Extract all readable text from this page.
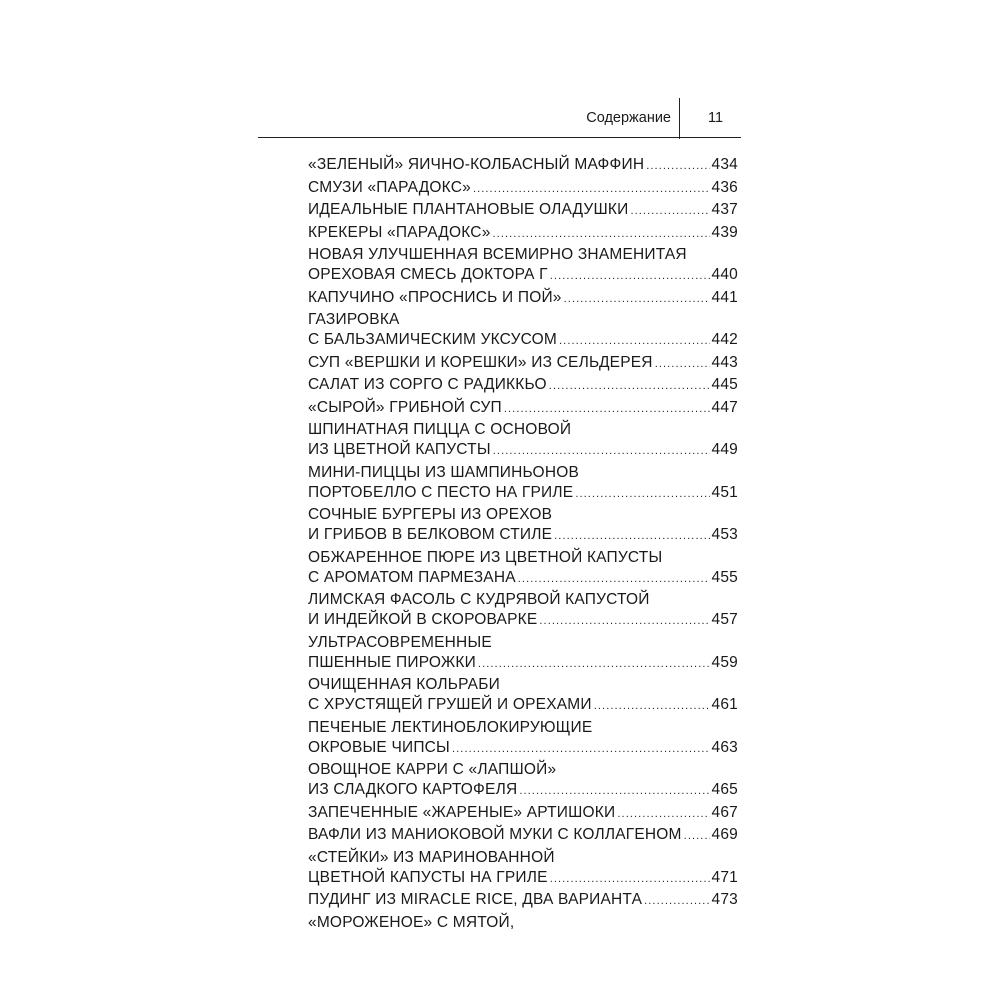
Содержание	11
«ЗЕЛЕНЫЙ» ЯИЧНО-КОЛБАСНЫЙ МАФФИН .....	434
СМУЗИ «ПАРАДОКС» .....	436
ИДЕАЛЬНЫЕ ПЛАНТАНОВЫЕ ОЛАДУШКИ .....	437
КРЕКЕРЫ «ПАРАДОКС» .....	439
НОВАЯ УЛУЧШЕННАЯ ВСЕМИРНО ЗНАМЕНИТАЯ
ОРЕХОВАЯ СМЕСЬ ДОКТОРА Г .....	440
КАПУЧИНО «ПРОСНИСЬ И ПОЙ» .....	441
ГАЗИРОВКА
С БАЛЬЗАМИЧЕСКИМ УКСУСОМ .....	442
СУП «ВЕРШКИ И КОРЕШКИ» ИЗ СЕЛЬДЕРЕЯ .....	443
САЛАТ ИЗ СОРГО С РАДИККЬО .....	445
«СЫРОЙ» ГРИБНОЙ СУП .....	447
ШПИНАТНАЯ ПИЦЦА С ОСНОВОЙ
ИЗ ЦВЕТНОЙ КАПУСТЫ .....	449
МИНИ-ПИЦЦЫ ИЗ ШАМПИНЬОНОВ
ПОРТОБЕЛЛО С ПЕСТО НА ГРИЛЕ .....	451
СОЧНЫЕ БУРГЕРЫ ИЗ ОРЕХОВ
И ГРИБОВ В БЕЛКОВОМ СТИЛЕ .....	453
ОБЖАРЕННОЕ ПЮРЕ ИЗ ЦВЕТНОЙ КАПУСТЫ
С АРОМАТОМ ПАРМЕЗАНА .....	455
ЛИМСКАЯ ФАСОЛЬ С КУДРЯВОЙ КАПУСТОЙ
И ИНДЕЙКОЙ В СКОРОВАРКЕ .....	457
УЛЬТРАСОВРЕМЕННЫЕ
ПШЕННЫЕ ПИРОЖКИ .....	459
ОЧИЩЕННАЯ КОЛЬРАБИ
С ХРУСТЯЩЕЙ ГРУШЕЙ И ОРЕХАМИ .....	461
ПЕЧЕНЫЕ ЛЕКТИНОБЛОКИРУЮЩИЕ
ОКРОВЫЕ ЧИПСЫ .....	463
ОВОЩНОЕ КАРРИ С «ЛАПШОЙ»
ИЗ СЛАДКОГО КАРТОФЕЛЯ .....	465
ЗАПЕЧЕННЫЕ «ЖАРЕНЫЕ» АРТИШОКИ .....	467
ВАФЛИ ИЗ МАНИОКОВОЙ МУКИ С КОЛЛАГЕНОМ ..... 469
«СТЕЙКИ» ИЗ МАРИНОВАННОЙ
ЦВЕТНОЙ КАПУСТЫ НА ГРИЛЕ .....	471
ПУДИНГ ИЗ MIRACLE RICE, ДВА ВАРИАНТА .....	473
«МОРОЖЕНОЕ» С МЯТОЙ,
